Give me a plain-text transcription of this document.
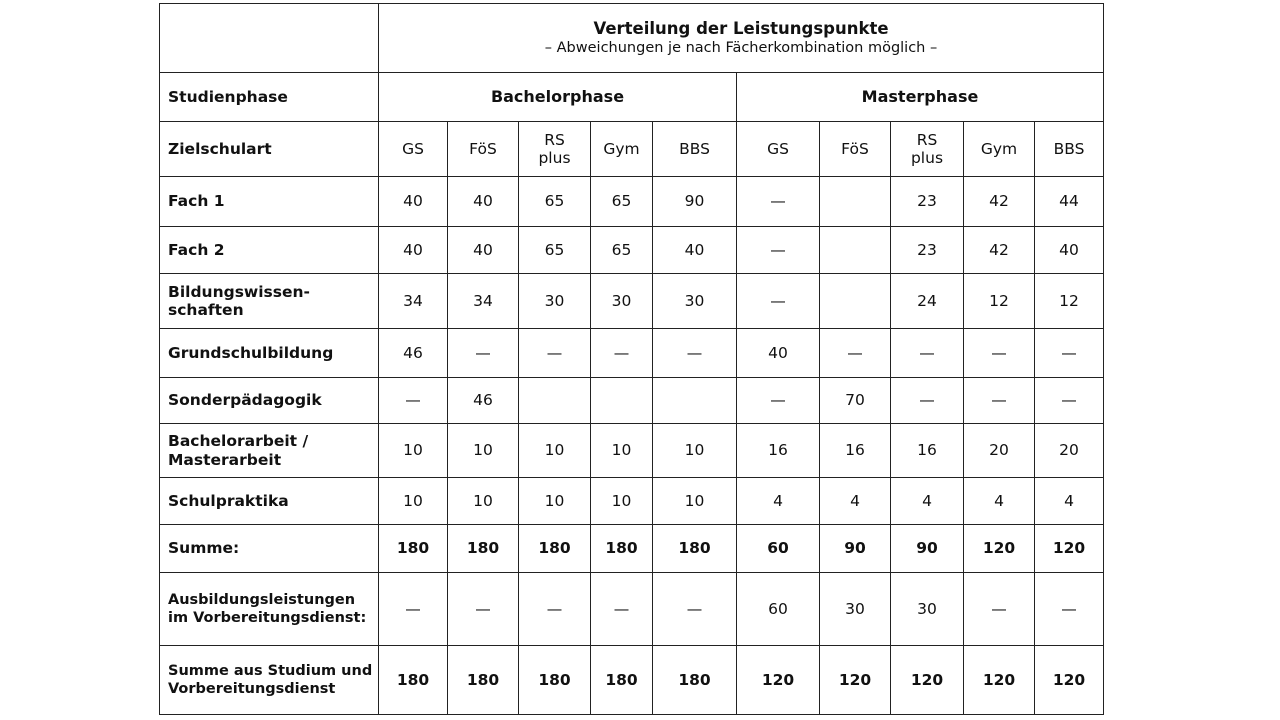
	Verteilung der Leistungspunkte
– Abweichungen je nach Fächerkombination möglich –									

Studienphase	Bachelorphase					Masterphase				
Zielschulart	GS	FöS	RS plus	Gym	BBS	GS	FöS	RS plus	Gym	BBS
Fach 1	40	40	65	65	90	—		23	42	44
Fach 2	40	40	65	65	40	—		23	42	40
Bildungswissen-schaften	34	34	30	30	30	—		24	12	12
Grundschulbildung	46	—	—	—	—	40	—	—	—	—
Sonderpädagogik	—	46				—	70	—	—	—
Bachelorarbeit / Masterarbeit	10	10	10	10	10	16	16	16	20	20
Schulpraktika	10	10	10	10	10	4	4	4	4	4
Summe:	180	180	180	180	180	60	90	90	120	120
Ausbildungsleistungen im Vorbereitungsdienst:	—	—	—	—	—	60	30	30	—	—
Summe aus Studium und Vorbereitungsdienst	180	180	180	180	180	120	120	120	120	120
